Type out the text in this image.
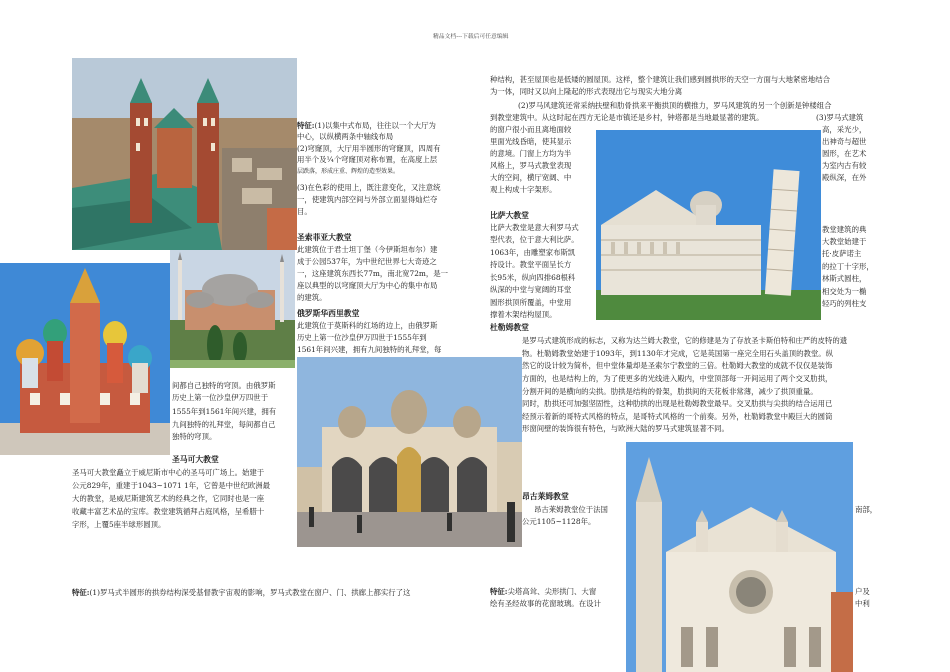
精品文档---下载后可任意编辑
特征:(1)以集中式布局，往往以一个大厅为
中心，以纵横两条中轴线布局
(2)穹窿顶，大厅用半圆形的穹窿顶，四周有
用半个及¼个穹窿顶对称布置，在高度上层
层跌落，形成庄重、辉煌的造型效果。
(3)在色彩的使用上，既注意变化，又注意统
一，使建筑内部空间与外部立面显得灿烂夺
目。
圣索菲亚大教堂
此建筑位于君士坦丁堡（今伊斯坦布尔）建
成于公园537年，为中世纪世界七大奇迹之
一，这座建筑东西长77m，南北宽72m，是一
座以典型的以穹窿顶大厅为中心的集中布局
的建筑。
俄罗斯华西里教堂
此建筑位于莫斯科的红场的边上，由俄罗斯
历史上第一位沙皇伊万四世于1555年到
1561年间兴建，拥有九间独特的礼拜堂，每
间都自己独特的穹顶。由俄罗斯
历史上第一位沙皇伊万四世于
1555年到1561年间兴建，拥有
九间独特的礼拜堂，每间都自己
独特的穹顶。
圣马可大教堂
圣马可大教堂矗立于威尼斯市中心的圣马可广场上。始建于
公元829年，重建于1043~1071 1年，它曾是中世纪欧洲最
大的教堂，是威尼斯建筑艺术的经典之作，它同时也是一座
收藏丰富艺术品的宝库。教堂建筑循拜占庭风格，呈希腊十
字形，上覆5座半球形圆顶。
特征:(1)罗马式半圆形的拱券结构深受基督教宇宙观的影响，罗马式教堂在窗户、门、拱廊上都实行了这
种结构，甚至屋顶也是低矮的圆屋顶。这样，整个建筑让我们感到圆拱形的天空一方面与大地紧密地结合
为一体，同时又以向上隆起的形式表现出它与现实大地分离
(2)罗马风建筑还常采纳扶壁和肋骨拱来平衡拱顶的横推力，罗马风建筑的另一个创新是钟楼组合
到教堂建筑中。从这时起在西方无论是市镇还是乡村，钟塔都是当地最显著的建筑。	(3)罗马式建筑
的窗户很小而且离地面较
里面光线昏暗，使其显示
的意境。门窗上方均为半
风格上，罗马式教堂表现
大的空间，横厅宽阔、中
观上构成十字架形。
高，采光少，
出神奇与超世
圆形，在艺术
为室内古有较
殿纵深，在外
比萨大教堂
比萨大教堂是意大利罗马式
型代表，位于意大利比萨。
1063年，由雕塑家布斯凯
持设计。教堂平面呈长方
长95米，纵向四排68根科
纵深的中堂与宽阔的耳堂
圆形拱顶所覆盖，中堂用
撑着木架结构屋顶。
教堂建筑的典
大教堂始建于
托·皮萨诺主
的拉丁十字形，
林斯式圆柱，
相交处为一椭
轻巧的列柱支
杜勒姆教堂
是罗马式建筑形成的标志，又称为达兰姆大教堂，它的修建是为了存放圣卡斯伯特和庄严的皮特的遗
物。杜勒姆教堂始建于1093年，到1130年才完成，它是英国第一座完全用石头盖顶的教堂。纵
然它的设计较为简朴，但中堂体量却是圣索尔宁教堂的三倍。杜勒姆大教堂的成就不仅仅是装饰
方面的，也是结构上的，为了使更多的光线进入殿内，中堂顶部每一开间运用了两个交叉肋拱，
分割开间的是横向的尖拱。肋拱是结构的骨架，肋拱间的天花板非常薄，减少了拱顶重量。
同时，肋拱还可加强坚固性，这种肋拱的出现是杜勒姆教堂最早。交叉肋拱与尖拱的结合运用已
经预示着新的哥特式风格的特点，是哥特式风格的一个前奏。另外，杜勒姆教堂中殿巨大的圆筒
形窗间壁的装饰很有特色，与欧洲大陆的罗马式建筑显著不同。
昂古莱姆教堂
昂古莱姆教堂位于法国	南部，
公元1105~1128年。
特征:尖塔高耸、尖形拱门、大窗	户及
绘有圣经故事的花窗玻璃。在设计	中利
